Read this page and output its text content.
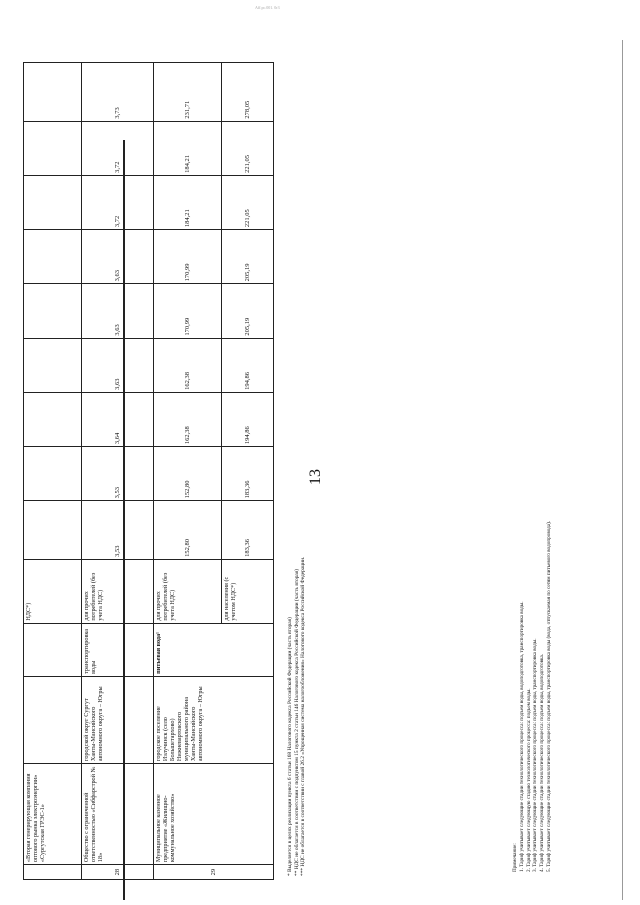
Aff.pc.001. 0r3
13
	«Вторая генерирующая компания оптового рынка электроэнергии» «Сургутская ГРЭС-1»			НДС*)									
28	Общество с ограниченной ответственностью «Сибфарстрой № 18»	городской округ Сургут Ханты-Мансийского автономного округа – Югры	транспортировка воды	для прочих потребителей (без учета НДС)	3,53	3,53	3,64	3,63	3,63	3,63	3,72	3,72	3,73
29	Муниципальное казенное предприятие «Жилищно-коммунальное хозяйство»	городское поселение Излучинск (село Большетарховo) Нижневартовского муниципального района Ханты-Мансийского автономного округа – Югры	питьевая вода¹	для прочих потребителей (без учета НДС)	152,80	152,80	162,38	162,38	170,99	170,99	184,21	184,21	231,71
				для населения (с учетом НДС*)	183,36	183,36	194,86	194,86	205,19	205,19	221,05	221,05	278,05
* Выделяется в целях реализации пункта 6 статьи 168 Налогового кодекса Российской Федерации (часть вторая) ** НДС не облагается в соответствии с подпунктом 15 пункта 2 статьи 146 Налогового кодекса Российской Федерации (часть вторая) *** НДС не облагается в соответствии с главой 26.2 «Упрощенная система налогообложения» Налогового кодекса Российской Федерации.	Примечание: 1. Тариф учитывает следующие стадии технологического процесса: подъем воды, водоподготовка, транспортировка воды. 2. Тариф учитывает следующую стадию технологического процесса: подъем воды. 3. Тариф учитывает следующие стадии технологического процесса: подъем воды, транспортировка воды. 4. Тариф учитывает следующие стадии технологического процесса: подъем воды, водоподготовка. 5. Тариф учитывает следующие стадии технологического процесса: подъем воды, транспортировка воды (вода, отпускаемая по сетям питьевого водопровода).
